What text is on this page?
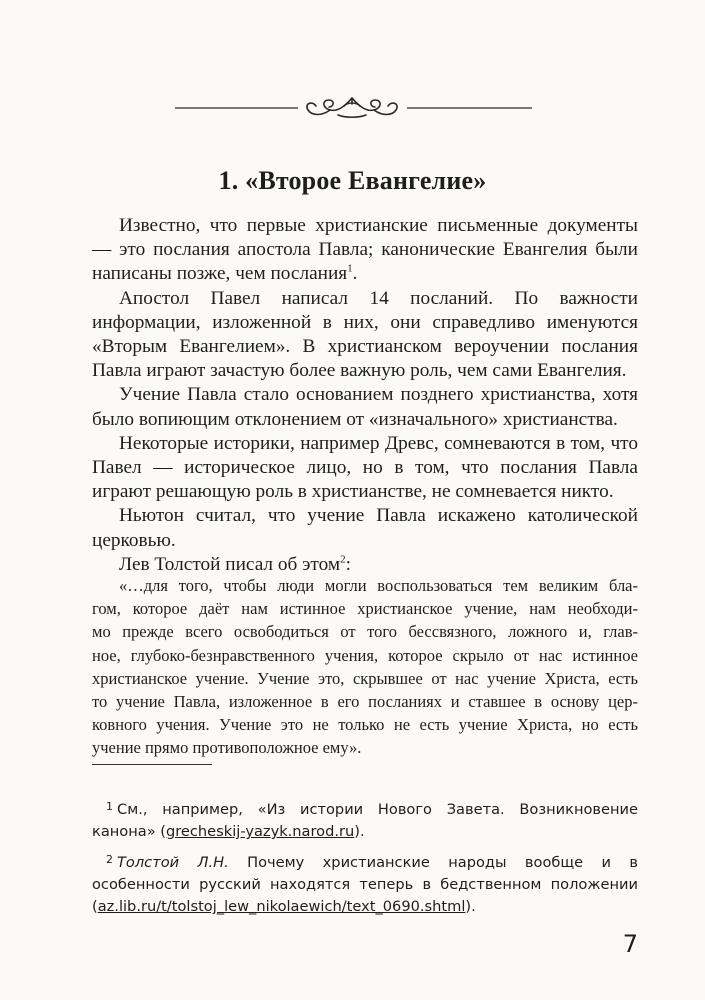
1. «Второе Евангелие»

Известно, что первые христианские письменные документы — это послания апостола Павла; канонические Евангелия были написаны позже, чем послания$^1$.

Апостол Павел написал 14 посланий. По важности информации, изложенной в них, они справедливо именуются «Вторым Евангелием». В христианском вероучении послания Павла играют зачастую более важную роль, чем сами Евангелия.

Учение Павла стало основанием позднего христианства, хотя было вопиющим отклонением от «изначального» христианства.

Некоторые историки, например Древс, сомневаются в том, что Павел — историческое лицо, но в том, что послания Павла играют решающую роль в христианстве, не сомневается никто.

Ньютон считал, что учение Павла искажено католической церковью.

Лев Толстой писал об этом$^2$:

«…для того, чтобы люди могли воспользоваться тем великим бла-
гом, которое даёт нам истинное христианское учение, нам необходи-
мо прежде всего освободиться от того бессвязного, ложного и, глав-
ное, глубоко-безнравственного учения, которое скрыло от нас истинное
христианское учение. Учение это, скрывшее от нас учение Христа, есть
то учение Павла, изложенное в его посланиях и ставшее в основу цер-
ковного учения. Учение это не только не есть учение Христа, но есть
учение прямо противоположное ему».

$^1$ См., например, «Из истории Нового Завета. Возникновение канона» (grecheskij-yazyk.narod.ru).

$^2$ Толстой Л.Н. Почему христианские народы вообще и в особенности русский находятся теперь в бедственном положении (az.lib.ru/t/tolstoj_lew_nikolaewich/text_0690.shtml).

7
